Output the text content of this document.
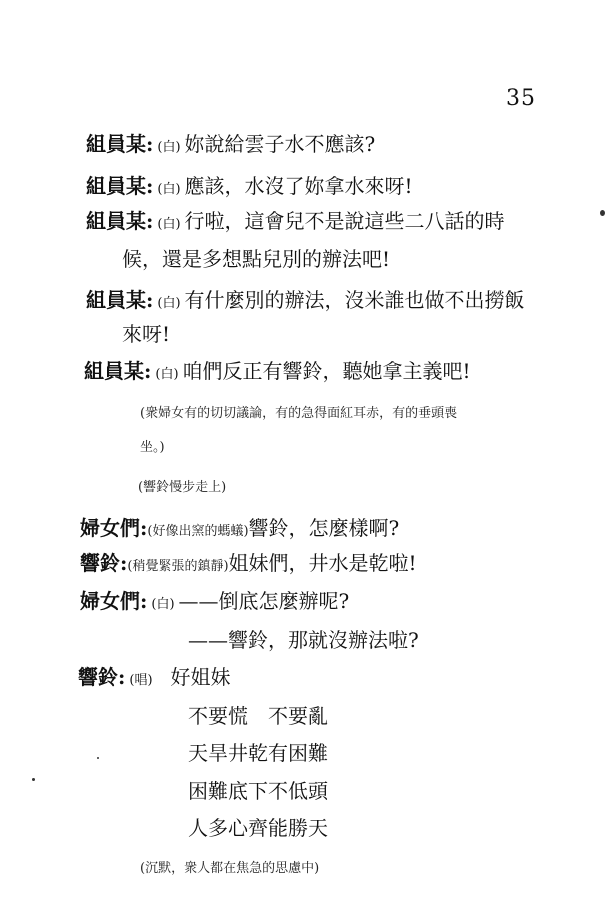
35
組員某: (白) 妳說給雲子水不應該?
組員某: (白) 應該，水沒了妳拿水來呀!
組員某: (白) 行啦，這會兒不是說這些二八話的時
候，還是多想點兒別的辦法吧!
組員某: (白) 有什麼別的辦法，沒米誰也做不出撈飯
來呀!
組員某: (白) 咱們反正有響鈴，聽她拿主義吧!
(衆婦女有的切切議論，有的急得面紅耳赤，有的垂頭喪
坐。)
(響鈴慢步走上)
婦女們:(好像出窯的螞蟻)響鈴，怎麼樣啊?
響鈴:(稍覺緊張的鎮靜)姐妹們，井水是乾啦!
婦女們: (白) ——倒底怎麼辦呢?
——響鈴，那就沒辦法啦?
響鈴: (唱) 好姐妹
不要慌　不要亂
天旱井乾有困難
困難底下不低頭
人多心齊能勝天
(沉默，衆人都在焦急的思慮中)
